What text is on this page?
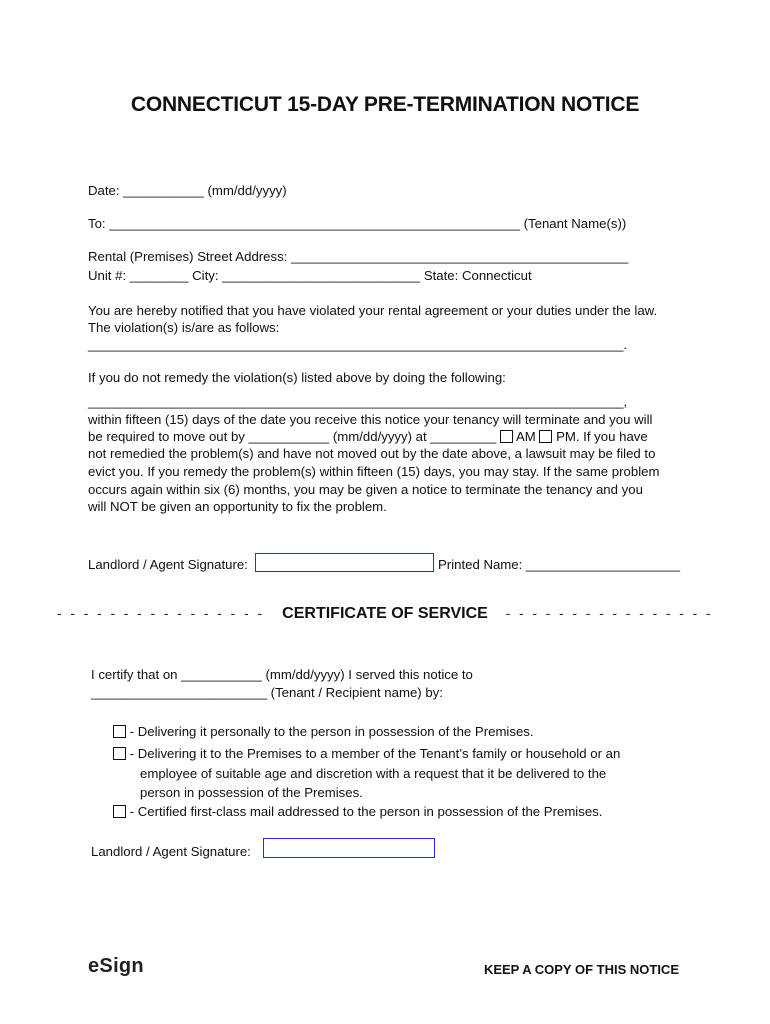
CONNECTICUT 15-DAY PRE-TERMINATION NOTICE
Date: ___________ (mm/dd/yyyy)
To: ________________________________________________________ (Tenant Name(s))
Rental (Premises) Street Address: ______________________________________________
Unit #: ________ City: ___________________________ State: Connecticut
You are hereby notified that you have violated your rental agreement or your duties under the law.
The violation(s) is/are as follows:
_________________________________________________________________________.
If you do not remedy the violation(s) listed above by doing the following:
_________________________________________________________________________,
within fifteen (15) days of the date you receive this notice your tenancy will terminate and you will
be required to move out by ___________ (mm/dd/yyyy) at _________ AM PM. If you have
not remedied the problem(s) and have not moved out by the date above, a lawsuit may be filed to
evict you. If you remedy the problem(s) within fifteen (15) days, you may stay. If the same problem
occurs again within six (6) months, you may be given a notice to terminate the tenancy and you
will NOT be given an opportunity to fix the problem.
Landlord / Agent Signature:	Printed Name: _____________________
- - - - - - - - - - - - - - - - CERTIFICATE OF SERVICE - - - - - - - - - - - - - - - -
I certify that on ___________ (mm/dd/yyyy) I served this notice to
________________________ (Tenant / Recipient name) by:
- Delivering it personally to the person in possession of the Premises.
- Delivering it to the Premises to a member of the Tenant’s family or household or an
employee of suitable age and discretion with a request that it be delivered to the
person in possession of the Premises.
- Certified first-class mail addressed to the person in possession of the Premises.
Landlord / Agent Signature:
eSign	KEEP A COPY OF THIS NOTICE
